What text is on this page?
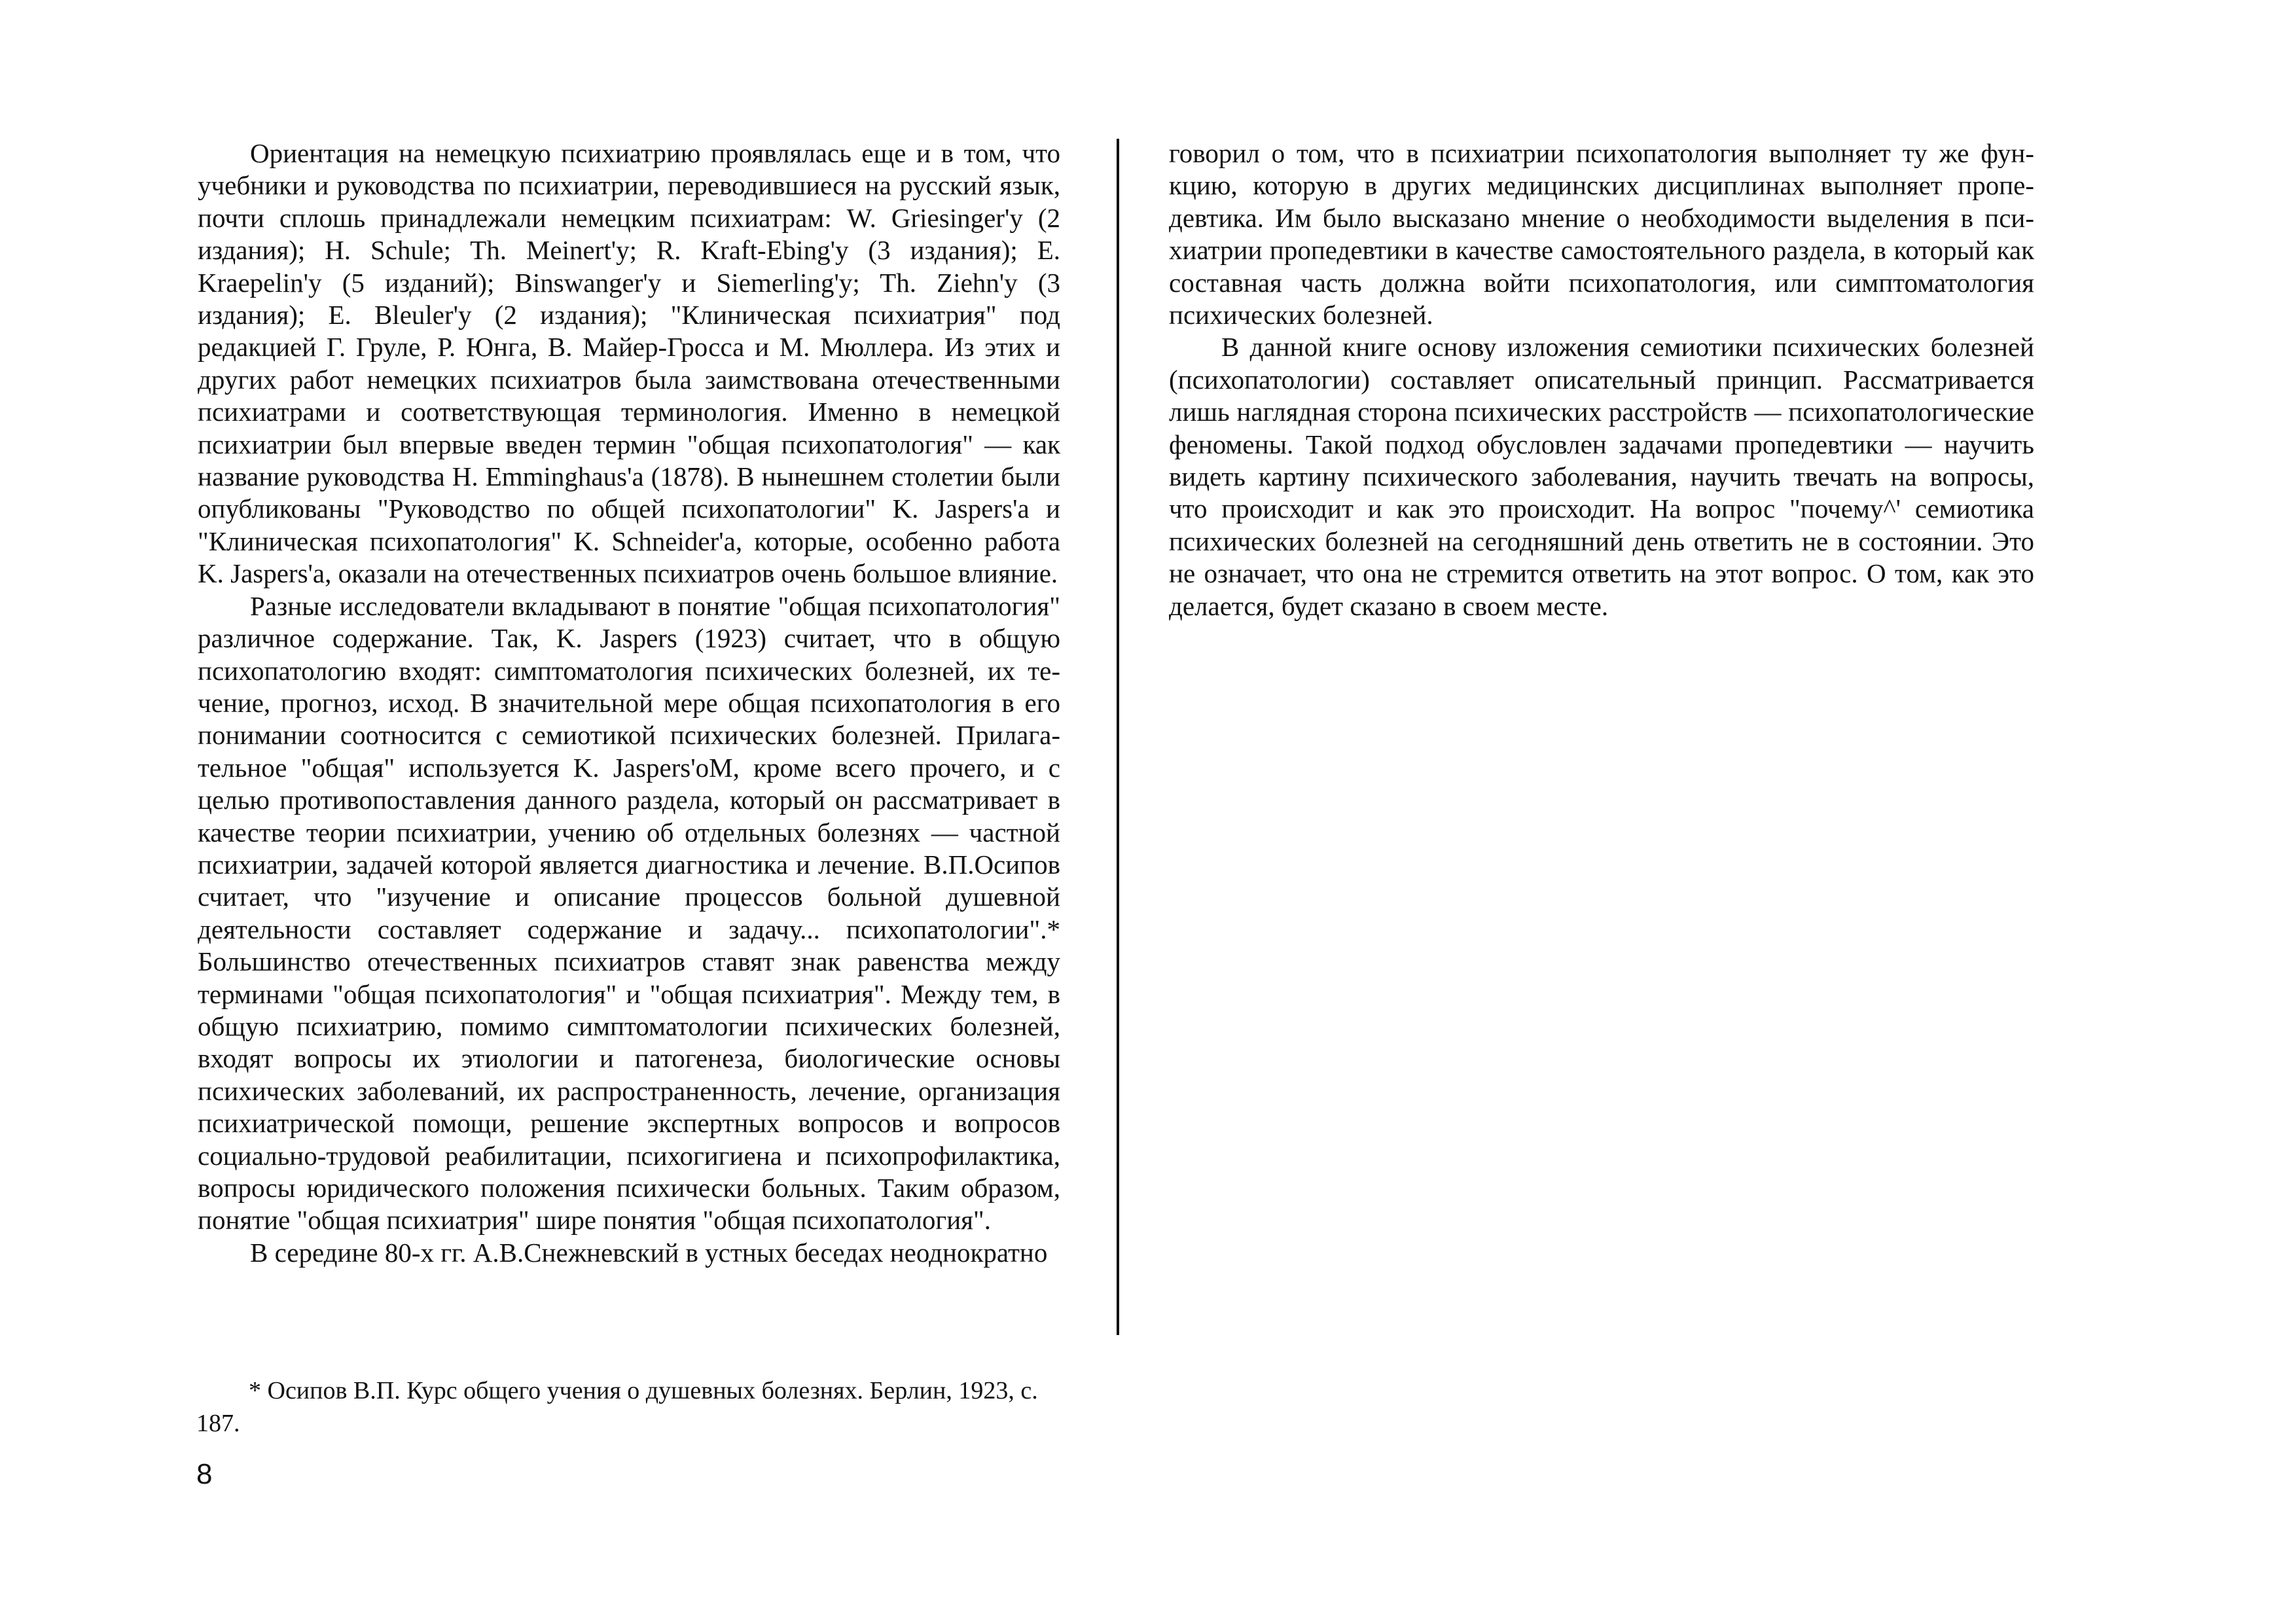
Ориентация на немецкую психиатрию проявлялась еще и в том, что учебники и руководства по психиатрии, переводившиеся на русский язык, почти сплошь принадлежали немецким психиатрам: W. Griesinger'y (2 издания); H. Schule; Th. Meinert'y; R. Kraft-Ebing'y (3 издания); E. Kraepelin'y (5 изданий); Binswanger'y и Siemerling'y; Th. Ziehn'y (3 издания); E. Bleuler'y (2 издания); "Клиническая психиатрия" под редакцией Г. Груле, Р. Юнга, В. Майер-Гросса и М. Мюллера. Из этих и других работ немецких психиатров была заимствована отечественными психиатрами и соответствующая терминология. Именно в немецкой психиатрии был впервые введен термин "общая психопатология" — как название руководства H. Emminghaus'a (1878). В нынешнем столетии были опубликованы "Руководство по общей психопатологии" K. Jaspers'a и "Клиническая психопатология" K. Schneider'a, которые, особенно работа K. Jaspers'a, оказали на отечественных психиатров очень большое влияние.

Разные исследователи вкладывают в понятие "общая психопатология" различное содержание. Так, K. Jaspers (1923) считает, что в общую психопатологию входят: симптоматология психических болезней, их течение, прогноз, исход. В значительной мере общая психопатология в его понимании соотносится с семиотикой психических болезней. Прилагательное "общая" используется K. Jaspers'oM, кроме всего прочего, и с целью противопоставления данного раздела, который он рассматривает в качестве теории психиатрии, учению об отдельных болезнях — частной психиатрии, задачей которой является диагностика и лечение. В.П.Осипов считает, что "изучение и описание процессов больной душевной деятельности составляет содержание и задачу... психопатологии".* Большинство отечественных психиатров ставят знак равенства между терминами "общая психопатология" и "общая психиатрия". Между тем, в общую психиатрию, помимо симптоматологии психических болезней, входят вопросы их этиологии и патогенеза, биологические основы психических заболеваний, их распространенность, лечение, организация психиатрической помощи, решение экспертных вопросов и вопросов социально-трудовой реабилитации, психогигиена и психопрофилактика, вопросы юридического положения психически больных. Таким образом, понятие "общая психиатрия" шире понятия "общая психопатология".

В середине 80-х гг. А.В.Снежневский в устных беседах неоднократно

говорил о том, что в психиатрии психопатология выполняет ту же функцию, которую в других медицинских дисциплинах выполняет пропедевтика. Им было высказано мнение о необходимости выделения в психиатрии пропедевтики в качестве самостоятельного раздела, в который как составная часть должна войти психопатология, или симптоматология психических болезней.

В данной книге основу изложения семиотики психических болезней (психопатологии) составляет описательный принцип. Рассматривается лишь наглядная сторона психических расстройств — психопатологические феномены. Такой подход обусловлен задачами пропедевтики — научить видеть картину психического заболевания, научить твечать на вопросы, что происходит и как это происходит. На вопрос "почему^' семиотика психических болезней на сегодняшний день ответить не в состоянии. Это не означает, что она не стремится ответить на этот вопрос. О том, как это делается, будет сказано в своем месте.

* Осипов В.П. Курс общего учения о душевных болезнях. Берлин, 1923, с. 187.

8
